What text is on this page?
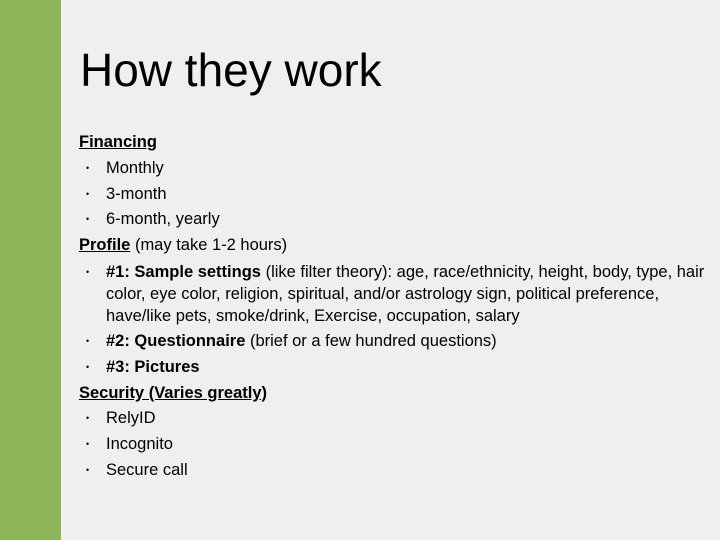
How they work
Financing
• Monthly
• 3-month
• 6-month, yearly
Profile (may take 1-2 hours)
• #1: Sample settings (like filter theory): age, race/ethnicity, height, body, type, hair color, eye color, religion, spiritual, and/or astrology sign, political preference, have/like pets, smoke/drink, Exercise, occupation, salary
• #2: Questionnaire (brief or a few hundred questions)
• #3: Pictures
Security (Varies greatly)
• RelyID
• Incognito
• Secure call
